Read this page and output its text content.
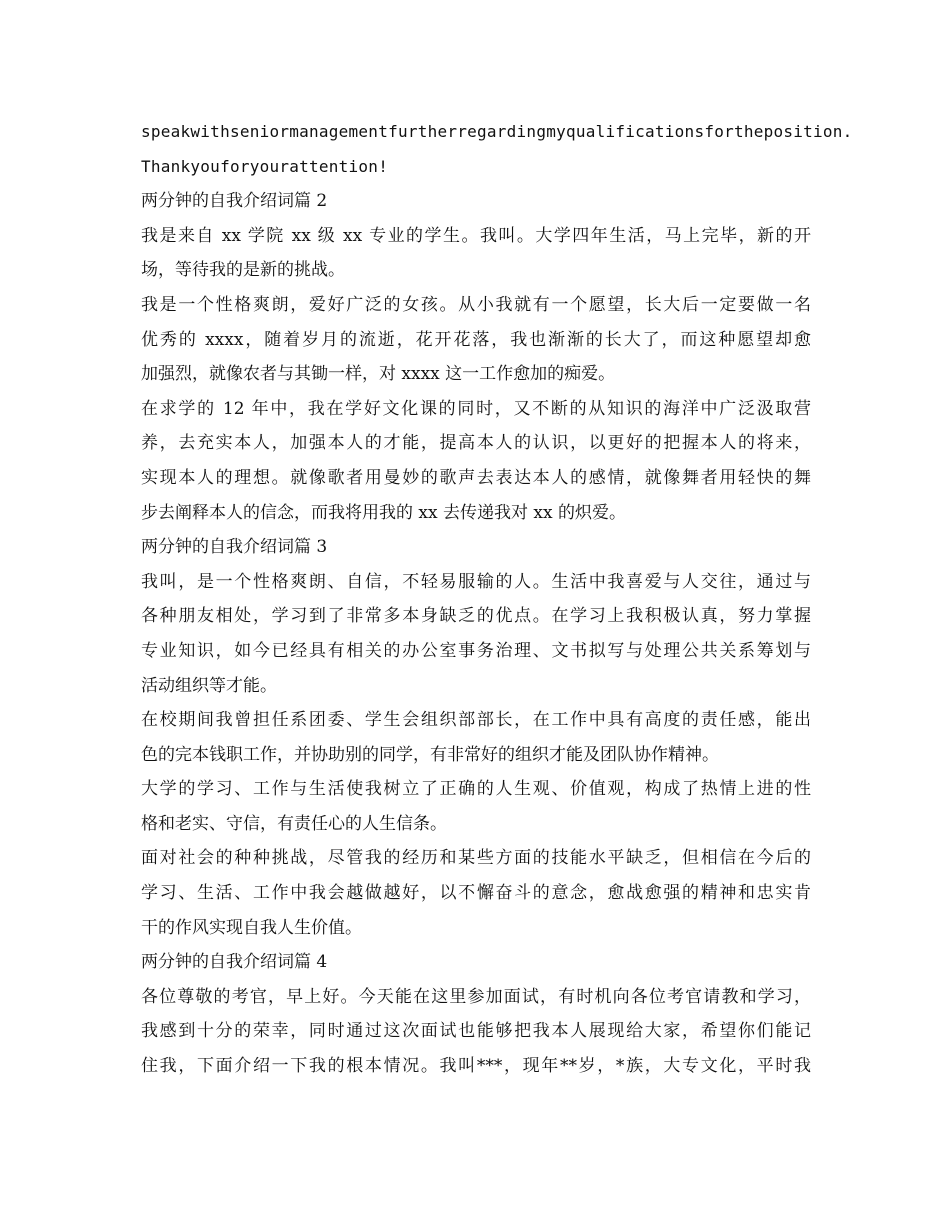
speakwithseniormanagementfurtherregardingmyqualificationsfortheposition.
Thankyouforyourattention!
两分钟的自我介绍词篇 2
我是来自 xx 学院 xx 级 xx 专业的学生。我叫。大学四年生活，马上完毕，新的开
场，等待我的是新的挑战。
我是一个性格爽朗，爱好广泛的女孩。从小我就有一个愿望，长大后一定要做一名
优秀的 xxxx，随着岁月的流逝，花开花落，我也渐渐的长大了，而这种愿望却愈
加强烈，就像农者与其锄一样，对 xxxx 这一工作愈加的痴爱。
在求学的 12 年中，我在学好文化课的同时，又不断的从知识的海洋中广泛汲取营
养，去充实本人，加强本人的才能，提高本人的认识，以更好的把握本人的将来，
实现本人的理想。就像歌者用曼妙的歌声去表达本人的感情，就像舞者用轻快的舞
步去阐释本人的信念，而我将用我的 xx 去传递我对 xx 的炽爱。
两分钟的自我介绍词篇 3
我叫，是一个性格爽朗、自信，不轻易服输的人。生活中我喜爱与人交往，通过与
各种朋友相处，学习到了非常多本身缺乏的优点。在学习上我积极认真，努力掌握
专业知识，如今已经具有相关的办公室事务治理、文书拟写与处理公共关系筹划与
活动组织等才能。
在校期间我曾担任系团委、学生会组织部部长，在工作中具有高度的责任感，能出
色的完本钱职工作，并协助别的同学，有非常好的组织才能及团队协作精神。
大学的学习、工作与生活使我树立了正确的人生观、价值观，构成了热情上进的性
格和老实、守信，有责任心的人生信条。
面对社会的种种挑战，尽管我的经历和某些方面的技能水平缺乏，但相信在今后的
学习、生活、工作中我会越做越好，以不懈奋斗的意念，愈战愈强的精神和忠实肯
干的作风实现自我人生价值。
两分钟的自我介绍词篇 4
各位尊敬的考官，早上好。今天能在这里参加面试，有时机向各位考官请教和学习，
我感到十分的荣幸，同时通过这次面试也能够把我本人展现给大家，希望你们能记
住我，下面介绍一下我的根本情况。我叫***，现年**岁，*族，大专文化，平时我
